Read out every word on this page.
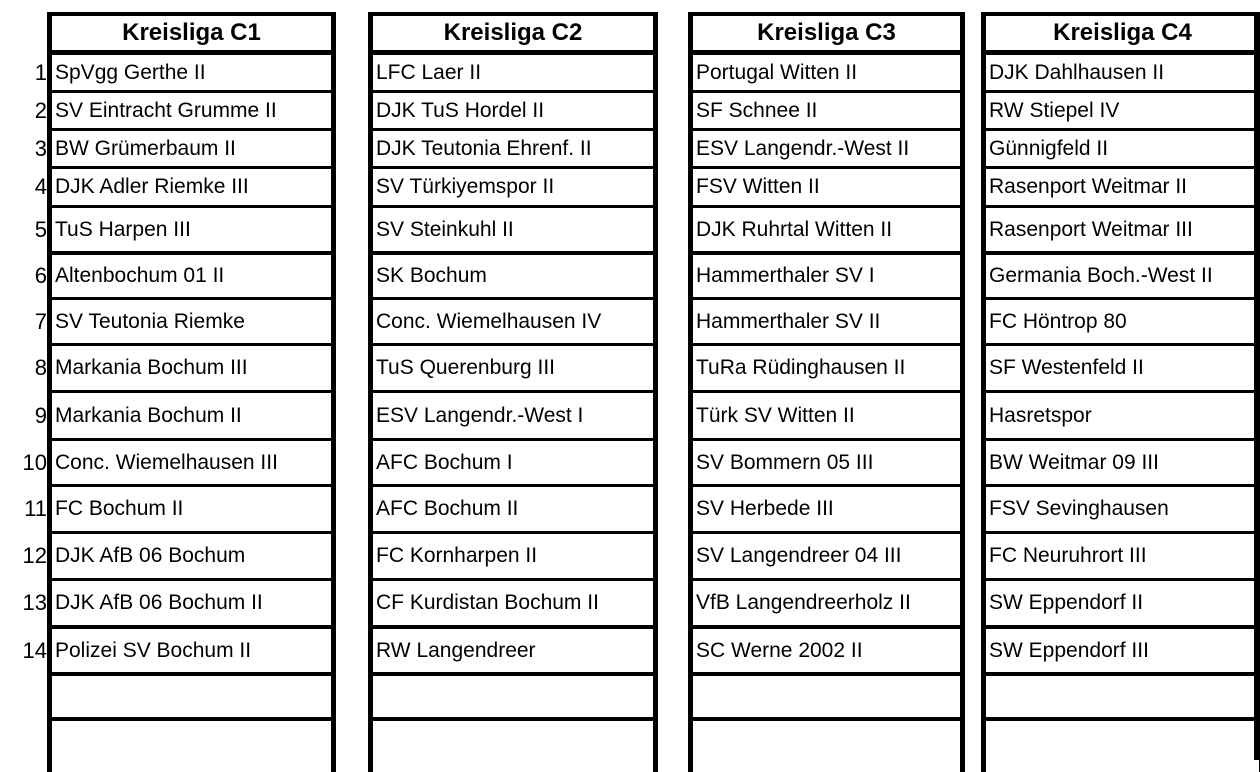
1
2
3
4
5
6
7
8
9
10
11
12
13
14
Kreisliga C1
SpVgg Gerthe II
SV Eintracht Grumme II
BW Grümerbaum II
DJK Adler Riemke III
TuS Harpen III
Altenbochum 01 II
SV Teutonia Riemke
Markania Bochum III
Markania Bochum II
Conc. Wiemelhausen III
FC Bochum II
DJK AfB 06 Bochum
DJK AfB 06 Bochum II
Polizei SV Bochum II
Kreisliga C2
LFC Laer II
DJK TuS Hordel II
DJK Teutonia Ehrenf. II
SV Türkiyemspor II
SV Steinkuhl II
SK Bochum
Conc. Wiemelhausen IV
TuS Querenburg III
ESV Langendr.-West I
AFC Bochum I
AFC Bochum II
FC Kornharpen II
CF Kurdistan Bochum II
RW Langendreer
Kreisliga C3
Portugal Witten II
SF Schnee II
ESV Langendr.-West II
FSV Witten II
DJK Ruhrtal Witten II
Hammerthaler SV I
Hammerthaler SV II
TuRa Rüdinghausen II
Türk SV Witten II
SV Bommern 05 III
SV Herbede III
SV Langendreer 04 III
VfB Langendreerholz II
SC Werne 2002 II
Kreisliga C4
DJK Dahlhausen II
RW Stiepel IV
Günnigfeld II
Rasenport Weitmar II
Rasenport Weitmar III
Germania Boch.-West II
FC Höntrop 80
SF Westenfeld II
Hasretspor
BW Weitmar 09 III
FSV Sevinghausen
FC Neuruhrort III
SW Eppendorf II
SW Eppendorf III
